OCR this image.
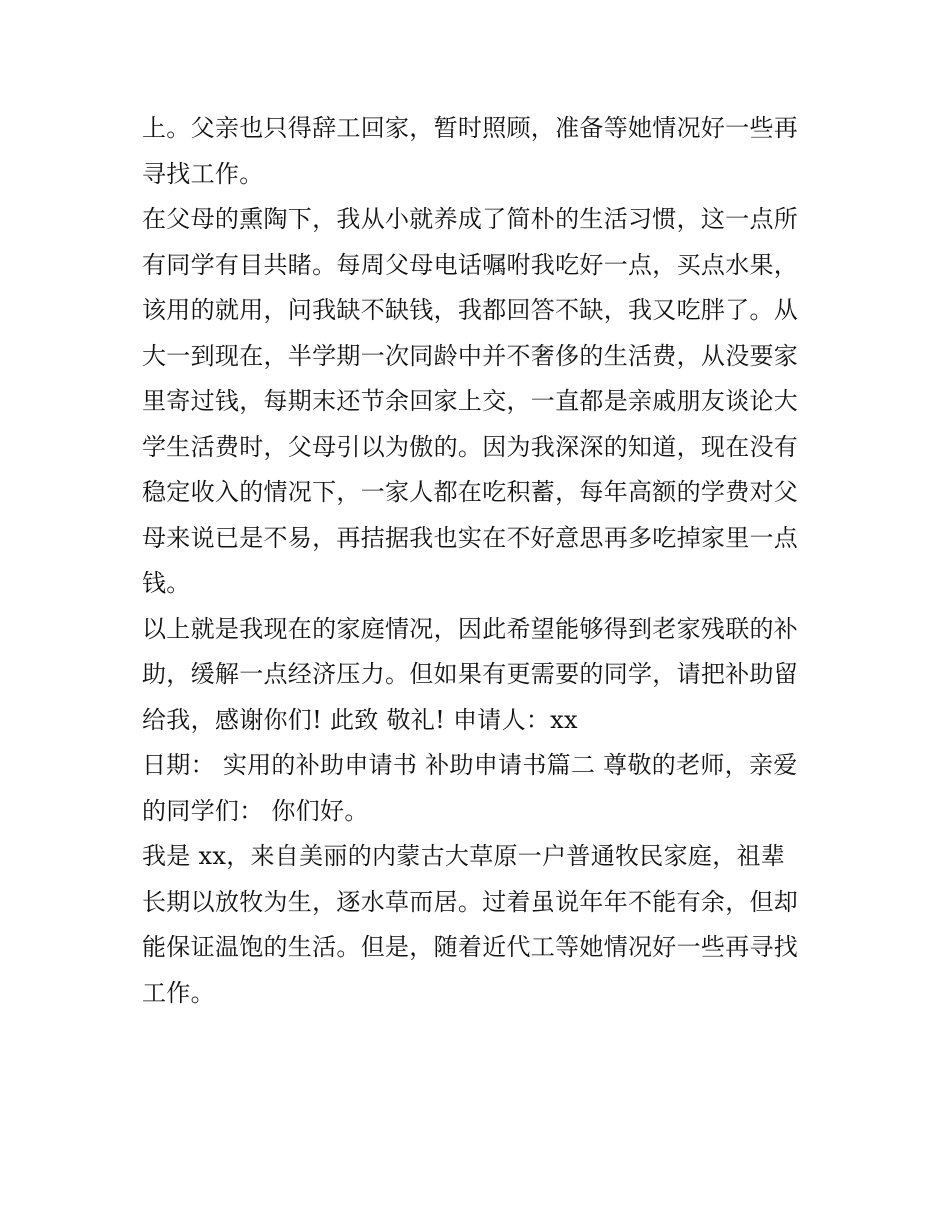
上。父亲也只得辞工回家，暂时照顾，准备等她情况好一些再
寻找工作。
在父母的熏陶下，我从小就养成了简朴的生活习惯，这一点所
有同学有目共睹。每周父母电话嘱咐我吃好一点，买点水果，
该用的就用，问我缺不缺钱，我都回答不缺，我又吃胖了。从
大一到现在，半学期一次同龄中并不奢侈的生活费，从没要家
里寄过钱，每期末还节余回家上交，一直都是亲戚朋友谈论大
学生活费时，父母引以为傲的。因为我深深的知道，现在没有
稳定收入的情况下，一家人都在吃积蓄，每年高额的学费对父
母来说已是不易，再拮据我也实在不好意思再多吃掉家里一点
钱。
以上就是我现在的家庭情况，因此希望能够得到老家残联的补
助，缓解一点经济压力。但如果有更需要的同学，请把补助留
给我，感谢你们! 此致 敬礼! 申请人：xx
日期： 实用的补助申请书 补助申请书篇二 尊敬的老师，亲爱
的同学们： 你们好。
我是 xx，来自美丽的内蒙古大草原一户普通牧民家庭，祖辈
长期以放牧为生，逐水草而居。过着虽说年年不能有余，但却
能保证温饱的生活。但是，随着近代工等她情况好一些再寻找
工作。
